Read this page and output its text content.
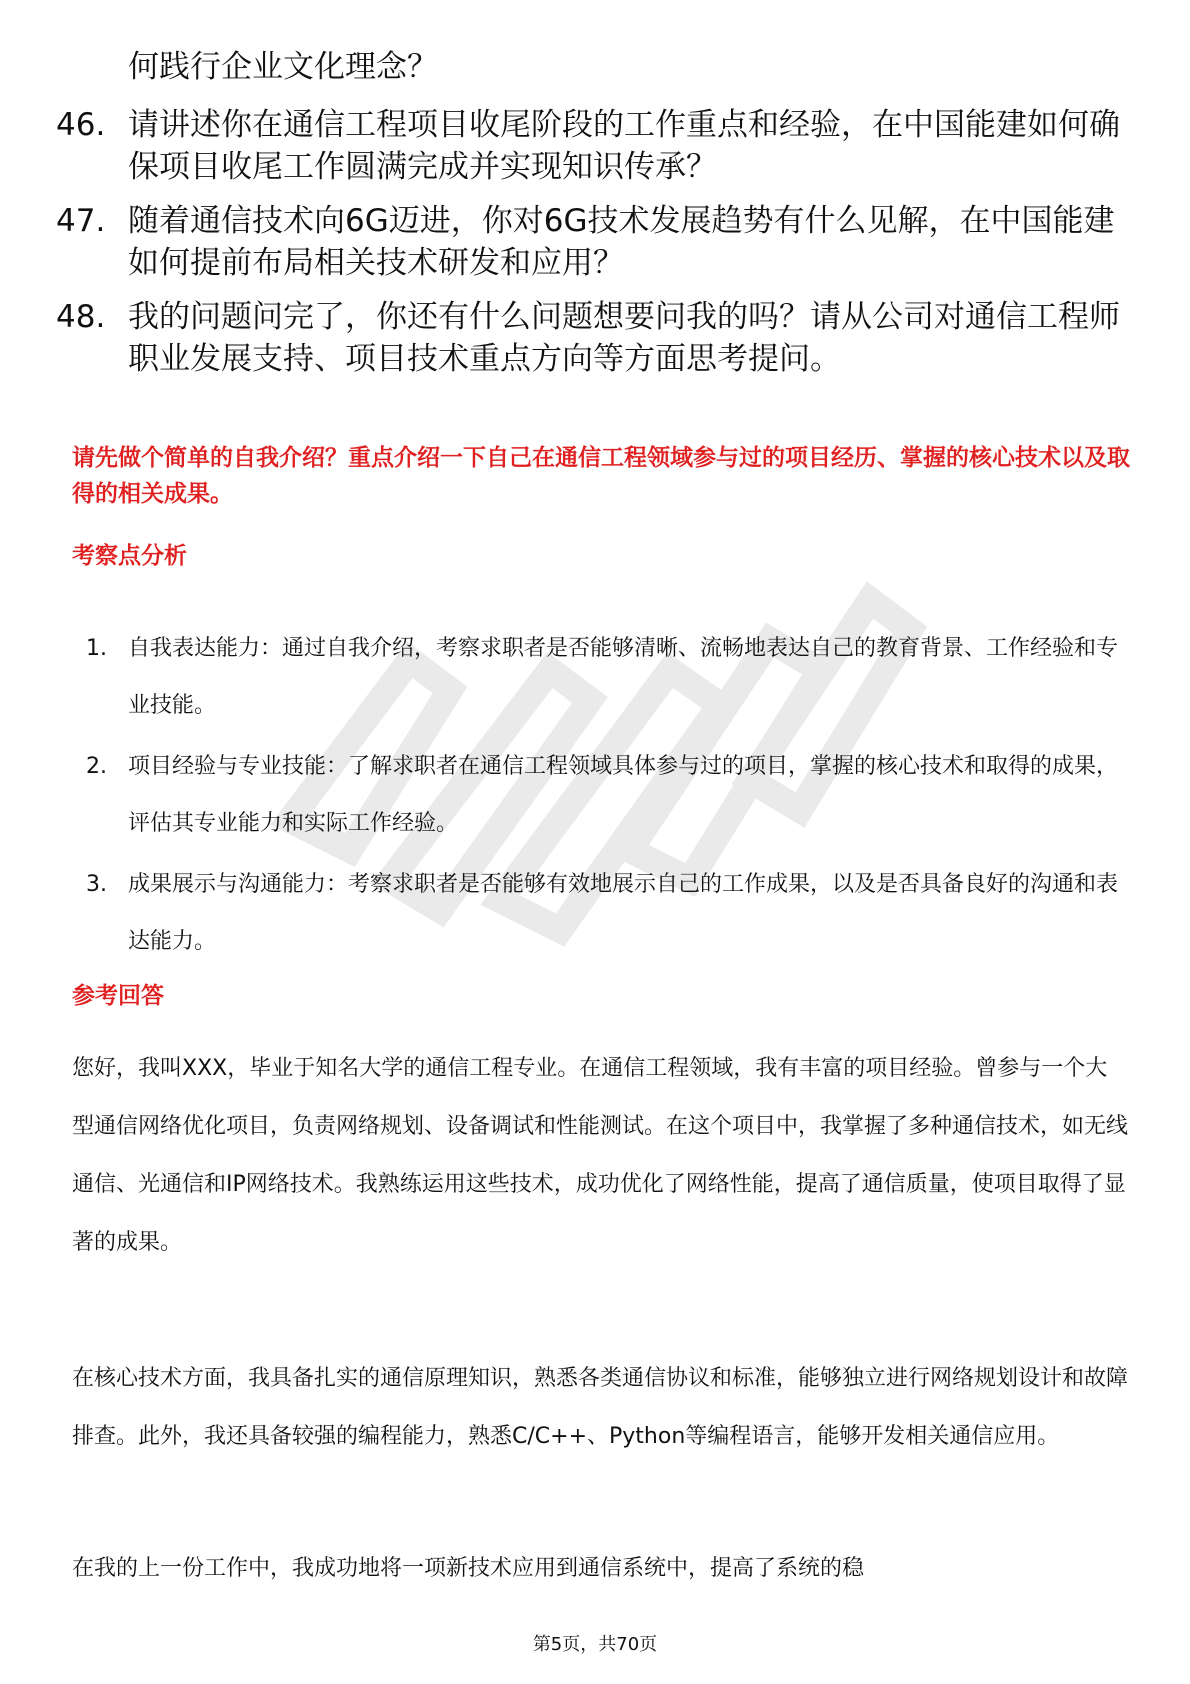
何践行企业文化理念？
46. 请讲述你在通信工程项目收尾阶段的工作重点和经验，在中国能建如何确保项目收尾工作圆满完成并实现知识传承？
47. 随着通信技术向6G迈进，你对6G技术发展趋势有什么见解，在中国能建如何提前布局相关技术研发和应用？
48. 我的问题问完了，你还有什么问题想要问我的吗？请从公司对通信工程师职业发展支持、项目技术重点方向等方面思考提问。
请先做个简单的自我介绍？重点介绍一下自己在通信工程领域参与过的项目经历、掌握的核心技术以及取得的相关成果。
考察点分析
1. 自我表达能力：通过自我介绍，考察求职者是否能够清晰、流畅地表达自己的教育背景、工作经验和专业技能。
2. 项目经验与专业技能：了解求职者在通信工程领域具体参与过的项目，掌握的核心技术和取得的成果，评估其专业能力和实际工作经验。
3. 成果展示与沟通能力：考察求职者是否能够有效地展示自己的工作成果，以及是否具备良好的沟通和表达能力。
参考回答
您好，我叫XXX，毕业于知名大学的通信工程专业。在通信工程领域，我有丰富的项目经验。曾参与一个大型通信网络优化项目，负责网络规划、设备调试和性能测试。在这个项目中，我掌握了多种通信技术，如无线通信、光通信和IP网络技术。我熟练运用这些技术，成功优化了网络性能，提高了通信质量，使项目取得了显著的成果。
在核心技术方面，我具备扎实的通信原理知识，熟悉各类通信协议和标准，能够独立进行网络规划设计和故障排查。此外，我还具备较强的编程能力，熟悉C/C++、Python等编程语言，能够开发相关通信应用。
在我的上一份工作中，我成功地将一项新技术应用到通信系统中，提高了系统的稳
第5页，共70页
